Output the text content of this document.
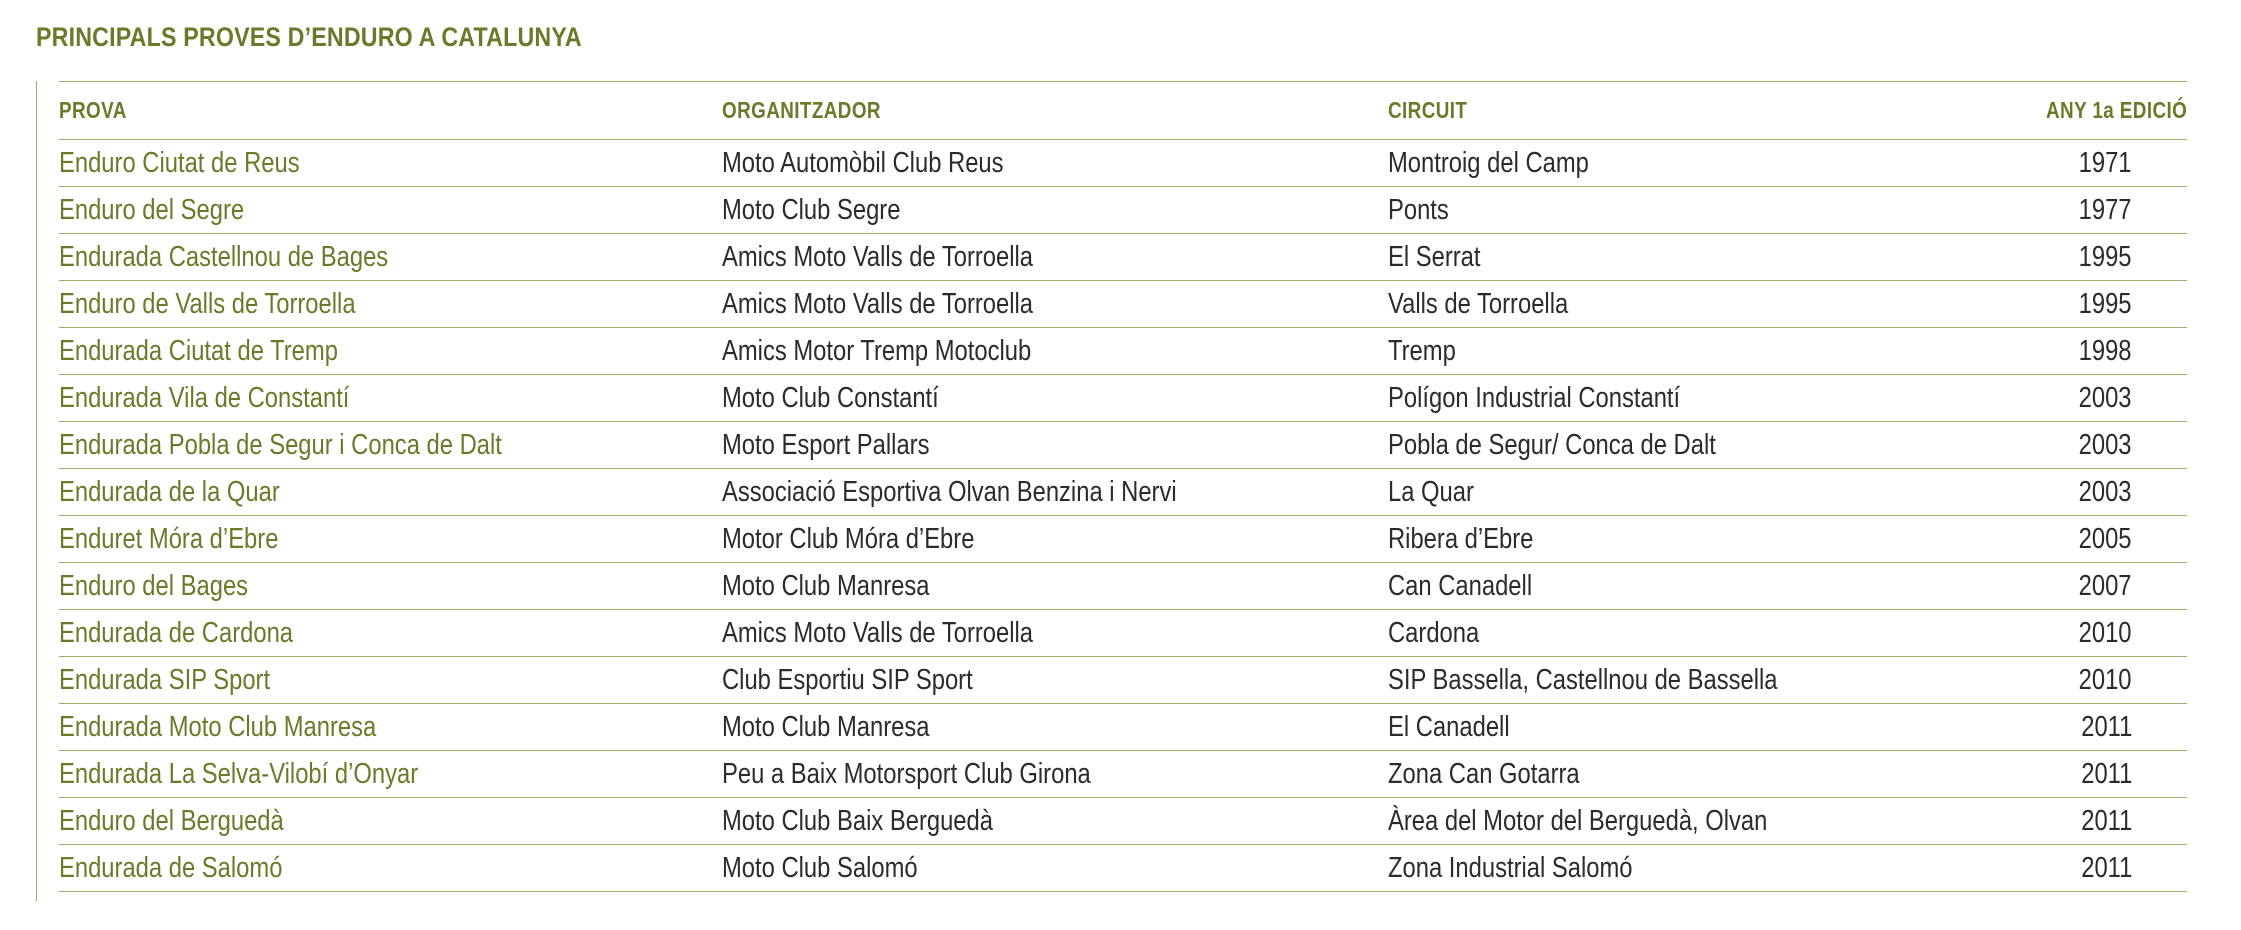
PRINCIPALS PROVES D’ENDURO A CATALUNYA
PROVA	ORGANITZADOR	CIRCUIT	ANY 1a EDICIÓ
Enduro Ciutat de Reus	Moto Automòbil Club Reus	Montroig del Camp	1971
Enduro del Segre	Moto Club Segre	Ponts	1977
Endurada Castellnou de Bages	Amics Moto Valls de Torroella	El Serrat	1995
Enduro de Valls de Torroella	Amics Moto Valls de Torroella	Valls de Torroella	1995
Endurada Ciutat de Tremp	Amics Motor Tremp Motoclub	Tremp	1998
Endurada Vila de Constantí	Moto Club Constantí	Polígon Industrial Constantí	2003
Endurada Pobla de Segur i Conca de Dalt	Moto Esport Pallars	Pobla de Segur/ Conca de Dalt	2003
Endurada de la Quar	Associació Esportiva Olvan Benzina i Nervi	La Quar	2003
Enduret Móra d’Ebre	Motor Club Móra d’Ebre	Ribera d’Ebre	2005
Enduro del Bages	Moto Club Manresa	Can Canadell	2007
Endurada de Cardona	Amics Moto Valls de Torroella	Cardona	2010
Endurada SIP Sport	Club Esportiu SIP Sport	SIP Bassella, Castellnou de Bassella	2010
Endurada Moto Club Manresa	Moto Club Manresa	El Canadell	2011
Endurada La Selva-Vilobí d’Onyar	Peu a Baix Motorsport Club Girona	Zona Can Gotarra	2011
Enduro del Berguedà	Moto Club Baix Berguedà	Àrea del Motor del Berguedà, Olvan	2011
Endurada de Salomó	Moto Club Salomó	Zona Industrial Salomó	2011
